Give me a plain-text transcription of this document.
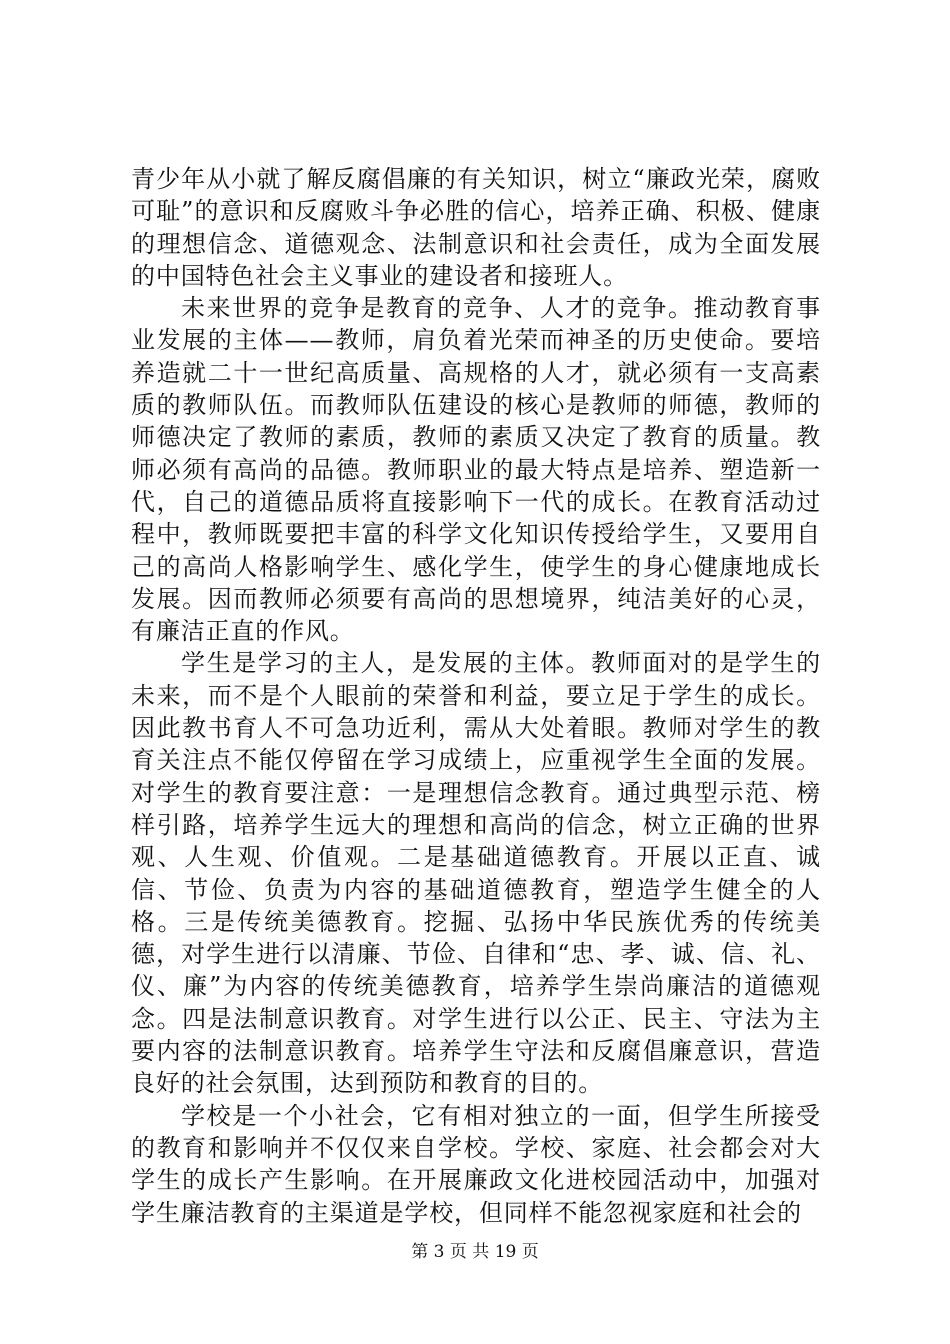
青少年从小就了解反腐倡廉的有关知识，树立“廉政光荣，腐败可耻”的意识和反腐败斗争必胜的信心，培养正确、积极、健康的理想信念、道德观念、法制意识和社会责任，成为全面发展的中国特色社会主义事业的建设者和接班人。

未来世界的竞争是教育的竞争、人才的竞争。推动教育事业发展的主体——教师，肩负着光荣而神圣的历史使命。要培养造就二十一世纪高质量、高规格的人才，就必须有一支高素质的教师队伍。而教师队伍建设的核心是教师的师德，教师的师德决定了教师的素质，教师的素质又决定了教育的质量。教师必须有高尚的品德。教师职业的最大特点是培养、塑造新一代，自己的道德品质将直接影响下一代的成长。在教育活动过程中，教师既要把丰富的科学文化知识传授给学生，又要用自己的高尚人格影响学生、感化学生，使学生的身心健康地成长发展。因而教师必须要有高尚的思想境界，纯洁美好的心灵，有廉洁正直的作风。

学生是学习的主人，是发展的主体。教师面对的是学生的未来，而不是个人眼前的荣誉和利益，要立足于学生的成长。因此教书育人不可急功近利，需从大处着眼。教师对学生的教育关注点不能仅停留在学习成绩上，应重视学生全面的发展。对学生的教育要注意：一是理想信念教育。通过典型示范、榜样引路，培养学生远大的理想和高尚的信念，树立正确的世界观、人生观、价值观。二是基础道德教育。开展以正直、诚信、节俭、负责为内容的基础道德教育，塑造学生健全的人格。三是传统美德教育。挖掘、弘扬中华民族优秀的传统美德，对学生进行以清廉、节俭、自律和“忠、孝、诚、信、礼、仪、廉”为内容的传统美德教育，培养学生崇尚廉洁的道德观念。四是法制意识教育。对学生进行以公正、民主、守法为主要内容的法制意识教育。培养学生守法和反腐倡廉意识，营造良好的社会氛围，达到预防和教育的目的。

学校是一个小社会，它有相对独立的一面，但学生所接受的教育和影响并不仅仅来自学校。学校、家庭、社会都会对大学生的成长产生影响。在开展廉政文化进校园活动中，加强对学生廉洁教育的主渠道是学校，但同样不能忽视家庭和社会的

第 3 页 共 19 页
